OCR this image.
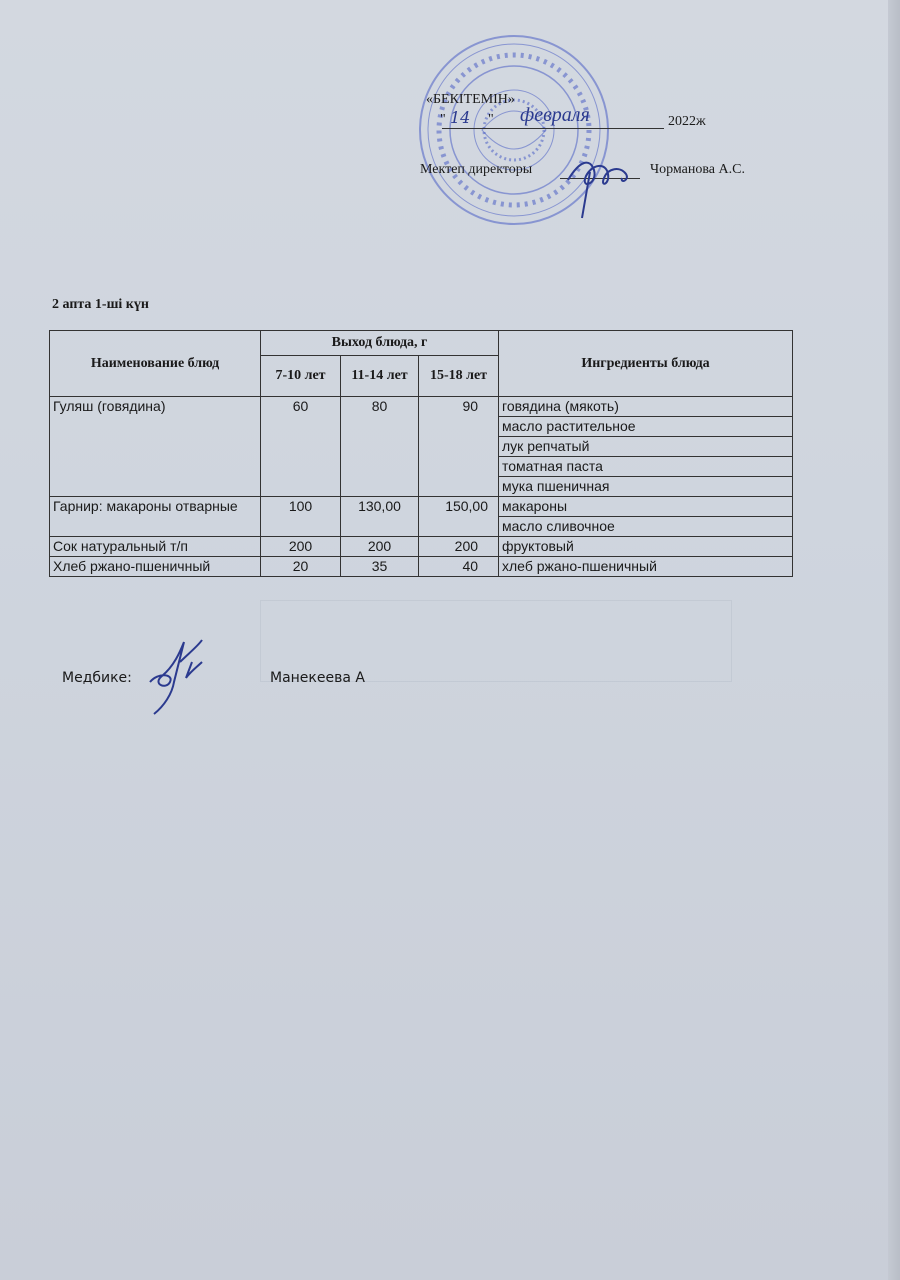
«БЕКІТЕМІН»
" 14 " февраля	2022ж
Мектеп директоры	Чорманова А.С.
2 апта 1-ші күн
Наименование блюд	Выход блюда, г			Ингредиенты блюда
	7-10 лет	11-14 лет	15-18 лет	
Гуляш (говядина)	60	80	90	говядина (мякоть)
				масло растительное
				лук репчатый
				томатная паста
				мука пшеничная
Гарнир: макароны отварные	100	130,00	150,00	макароны
				масло сливочное
Сок натуральный т/п	200	200	200	фруктовый
Хлеб ржано-пшеничный	20	35	40	хлеб ржано-пшеничный
Медбике:	Манекеева А
